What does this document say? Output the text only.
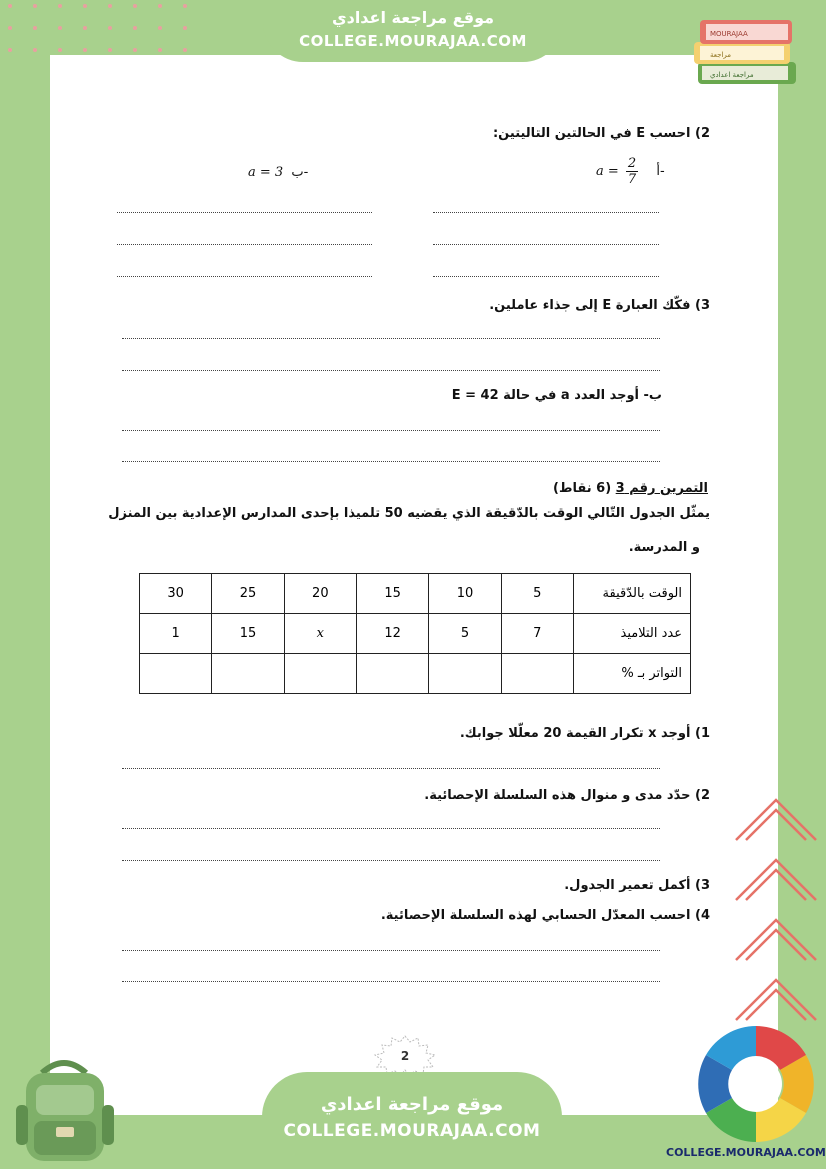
موقع مراجعة اعدادي
COLLEGE.MOURAJAA.COM	MOURAJAA
مراجعة
مراجعة اعدادي
2) احسب E في الحالتين التاليتين:
$a = \frac{2}{7}$ أ-
a = 3 ب-
3) فكّك العبارة E إلى جذاء عاملين.
ب- أوجد العدد a في حالة E = 42
التمرين رقم 3 (6 نقاط)
يمثّل الجدول التّالي الوقت بالدّقيقة الذي يقضيه 50 تلميذا بإحدى المدارس الإعدادية بين المنزل
و المدرسة.
30	25	20	15	10	5	الوقت بالدّقيقة
1	15	x	12	5	7	عدد التلاميذ
						التواتر بـ %
1) أوجد x تكرار القيمة 20 معلّلا جوابك.
2) حدّد مدى و منوال هذه السلسلة الإحصائية.
3) أكمل تعمير الجدول.
4) احسب المعدّل الحسابي لهذه السلسلة الإحصائية.
2
موقع مراجعة اعدادي
COLLEGE.MOURAJAA.COM
COLLEGE.MOURAJAA.COM
